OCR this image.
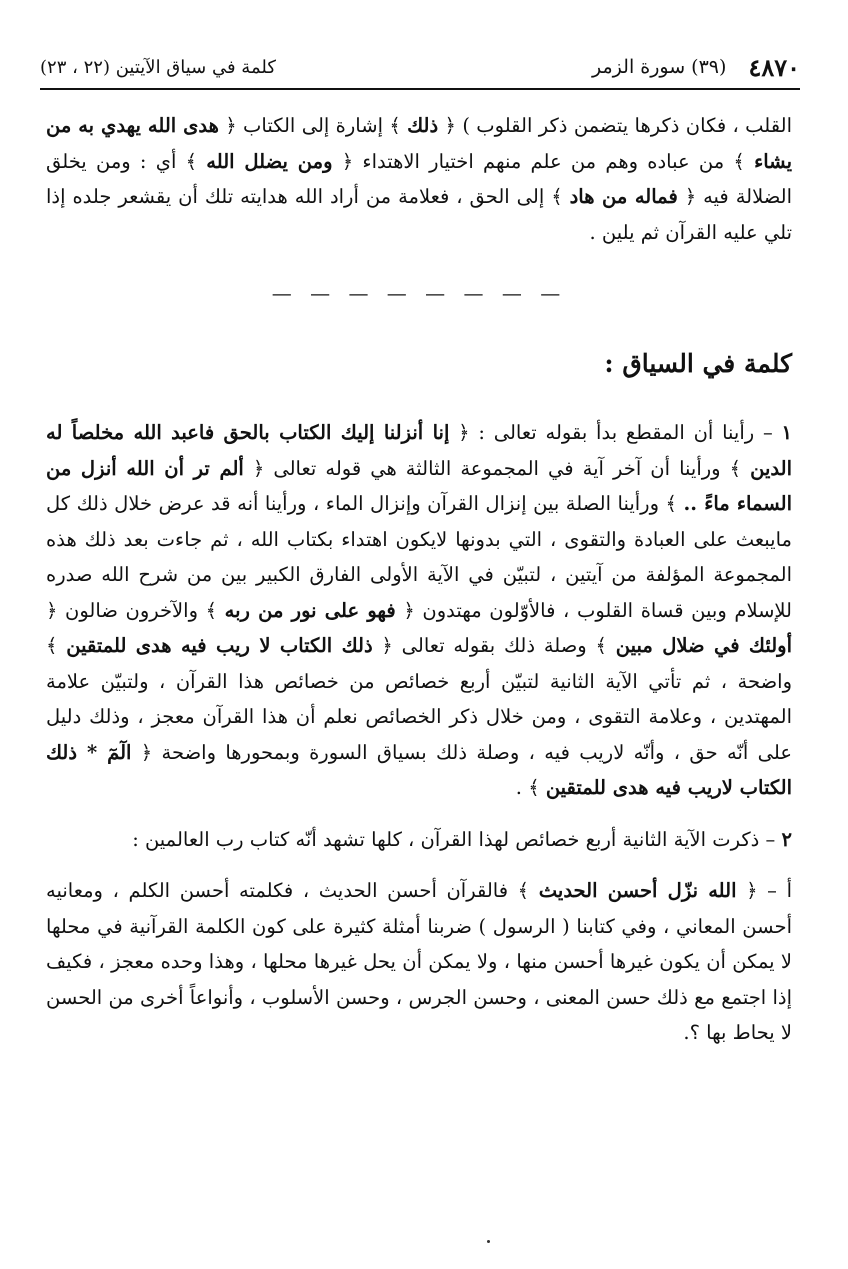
٤٨٧٠
(٣٩) سورة الزمر
كلمة في سياق الآيتين (٢٢ ، ٢٣)

القلب ، فكان ذكرها يتضمن ذكر القلوب ) ﴿ ذلك ﴾ إشارة إلى الكتاب ﴿ هدى الله يهدي به من يشاء ﴾ من عباده وهم من علم منهم اختيار الاهتداء ﴿ ومن يضلل الله ﴾ أي : ومن يخلق الضلالة فيه ﴿ فماله من هاد ﴾ إلى الحق ، فعلامة من أراد الله هدايته تلك أن يقشعر جلده إذا تلي عليه القرآن ثم يلين .

— — — — — — — —
كلمة في السياق :

١ – رأينا أن المقطع بدأ بقوله تعالى : ﴿ إنا أنزلنا إليك الكتاب بالحق فاعبد الله مخلصاً له الدين ﴾ ورأينا أن آخر آية في المجموعة الثالثة هي قوله تعالى ﴿ ألم تر أن الله أنزل من السماء ماءً .. ﴾ ورأينا الصلة بين إنزال القرآن وإنزال الماء ، ورأينا أنه قد عرض خلال ذلك كل مايبعث على العبادة والتقوى ، التي بدونها لايكون اهتداء بكتاب الله ، ثم جاءت بعد ذلك هذه المجموعة المؤلفة من آيتين ، لتبيّن في الآية الأولى الفارق الكبير بين من شرح الله صدره للإسلام وبين قساة القلوب ، فالأوّلون مهتدون ﴿ فهو على نور من ربه ﴾ والآخرون ضالون ﴿ أولئك في ضلال مبين ﴾ وصلة ذلك بقوله تعالى ﴿ ذلك الكتاب لا ريب فيه هدى للمتقين ﴾ واضحة ، ثم تأتي الآية الثانية لتبيّن أربع خصائص من خصائص هذا القرآن ، ولتبيّن علامة المهتدين ، وعلامة التقوى ، ومن خلال ذكر الخصائص نعلم أن هذا القرآن معجز ، وذلك دليل على أنّه حق ، وأنّه لاريب فيه ، وصلة ذلك بسياق السورة وبمحورها واضحة ﴿ الٓمٓ * ذلك الكتاب لاريب فيه هدى للمتقين ﴾ .

٢ – ذكرت الآية الثانية أربع خصائص لهذا القرآن ، كلها تشهد أنّه كتاب رب العالمين :

أ – ﴿ الله نزّل أحسن الحديث ﴾ فالقرآن أحسن الحديث ، فكلمته أحسن الكلم ، ومعانيه أحسن المعاني ، وفي كتابنا ( الرسول ) ضربنا أمثلة كثيرة على كون الكلمة القرآنية في محلها لا يمكن أن يكون غيرها أحسن منها ، ولا يمكن أن يحل غيرها محلها ، وهذا وحده معجز ، فكيف إذا اجتمع مع ذلك حسن المعنى ، وحسن الجرس ، وحسن الأسلوب ، وأنواعاً أخرى من الحسن لا يحاط بها ؟.
